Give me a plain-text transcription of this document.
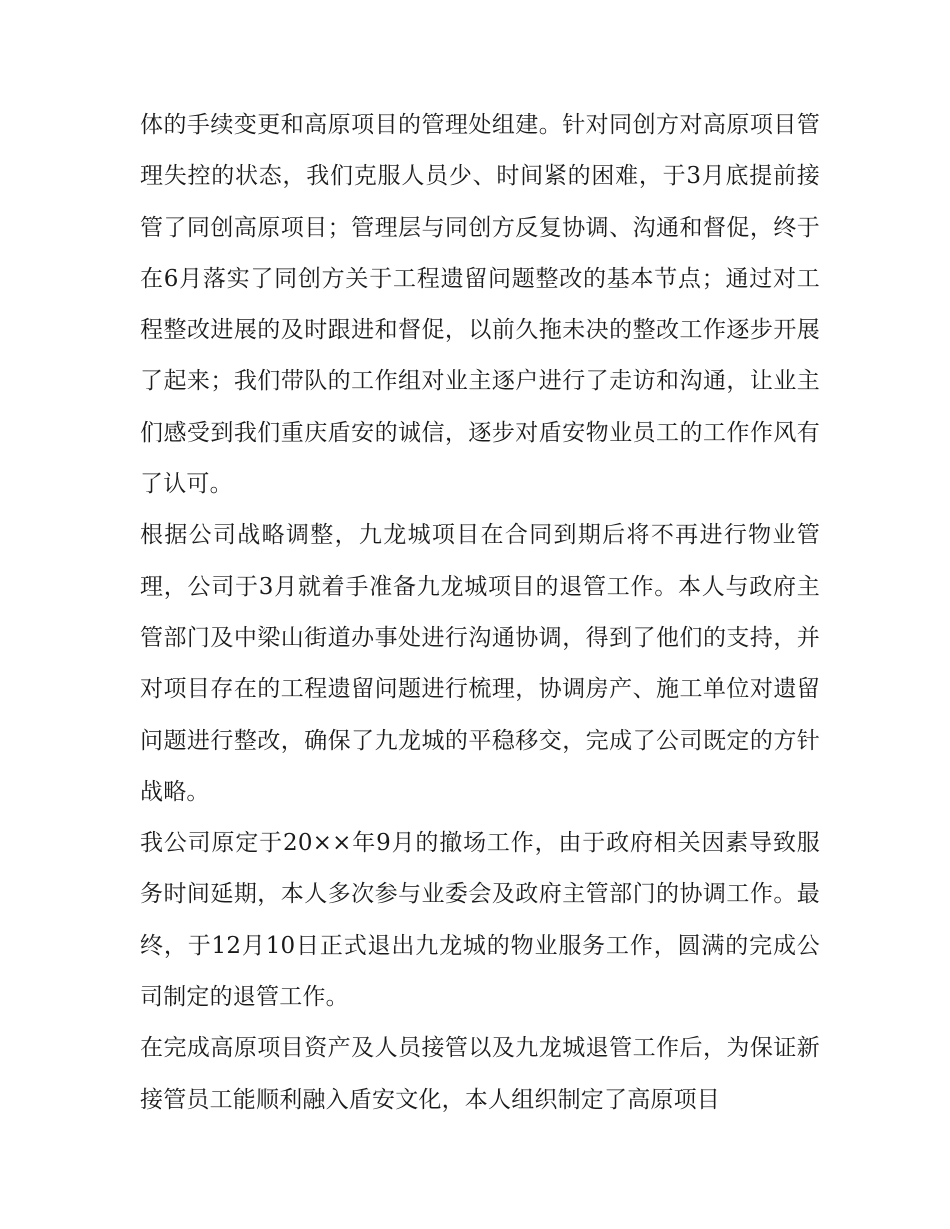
体的手续变更和高原项目的管理处组建。针对同创方对高原项目管理失控的状态，我们克服人员少、时间紧的困难，于3月底提前接管了同创高原项目；管理层与同创方反复协调、沟通和督促，终于在6月落实了同创方关于工程遗留问题整改的基本节点；通过对工程整改进展的及时跟进和督促，以前久拖未决的整改工作逐步开展了起来；我们带队的工作组对业主逐户进行了走访和沟通，让业主们感受到我们重庆盾安的诚信，逐步对盾安物业员工的工作作风有了认可。

根据公司战略调整，九龙城项目在合同到期后将不再进行物业管理，公司于3月就着手准备九龙城项目的退管工作。本人与政府主管部门及中梁山街道办事处进行沟通协调，得到了他们的支持，并对项目存在的工程遗留问题进行梳理，协调房产、施工单位对遗留问题进行整改，确保了九龙城的平稳移交，完成了公司既定的方针战略。

我公司原定于20××年9月的撤场工作，由于政府相关因素导致服务时间延期，本人多次参与业委会及政府主管部门的协调工作。最终，于12月10日正式退出九龙城的物业服务工作，圆满的完成公司制定的退管工作。

在完成高原项目资产及人员接管以及九龙城退管工作后，为保证新接管员工能顺利融入盾安文化，本人组织制定了高原项目
